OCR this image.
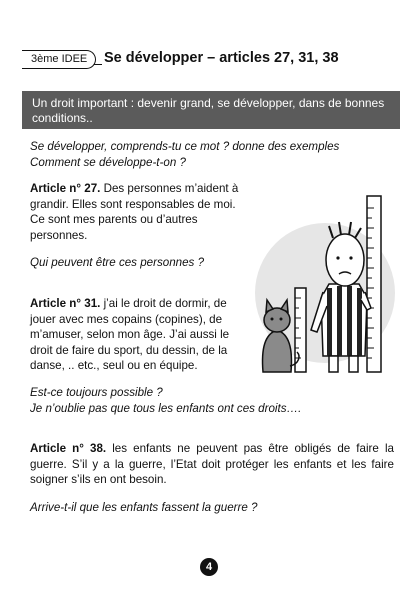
3ème IDEE	Se développer – articles 27, 31, 38
Un droit important : devenir grand, se développer, dans de bonnes conditions..
Se développer, comprends-tu ce mot ? donne des exemples
Comment se développe-t-on ?

Article n° 27. Des personnes m’aident à grandir. Elles sont responsables de moi. Ce sont mes parents ou d’autres personnes.

Qui peuvent être ces personnes ?

Article n° 31. j’ai le droit de dormir, de jouer avec mes copains (copines), de m’amuser, selon mon âge. J’ai aussi le droit de faire du sport, du dessin, de la danse, .. etc., seul ou en équipe.

Est-ce toujours possible ?
Je n’oublie pas que tous les enfants ont ces droits….

Article n° 38. les enfants ne peuvent pas être obligés de faire la guerre. S’il y a la guerre, l’Etat doit protéger les enfants et les faire soigner s’ils en ont besoin.

Arrive-t-il que les enfants fassent la guerre ?
4
